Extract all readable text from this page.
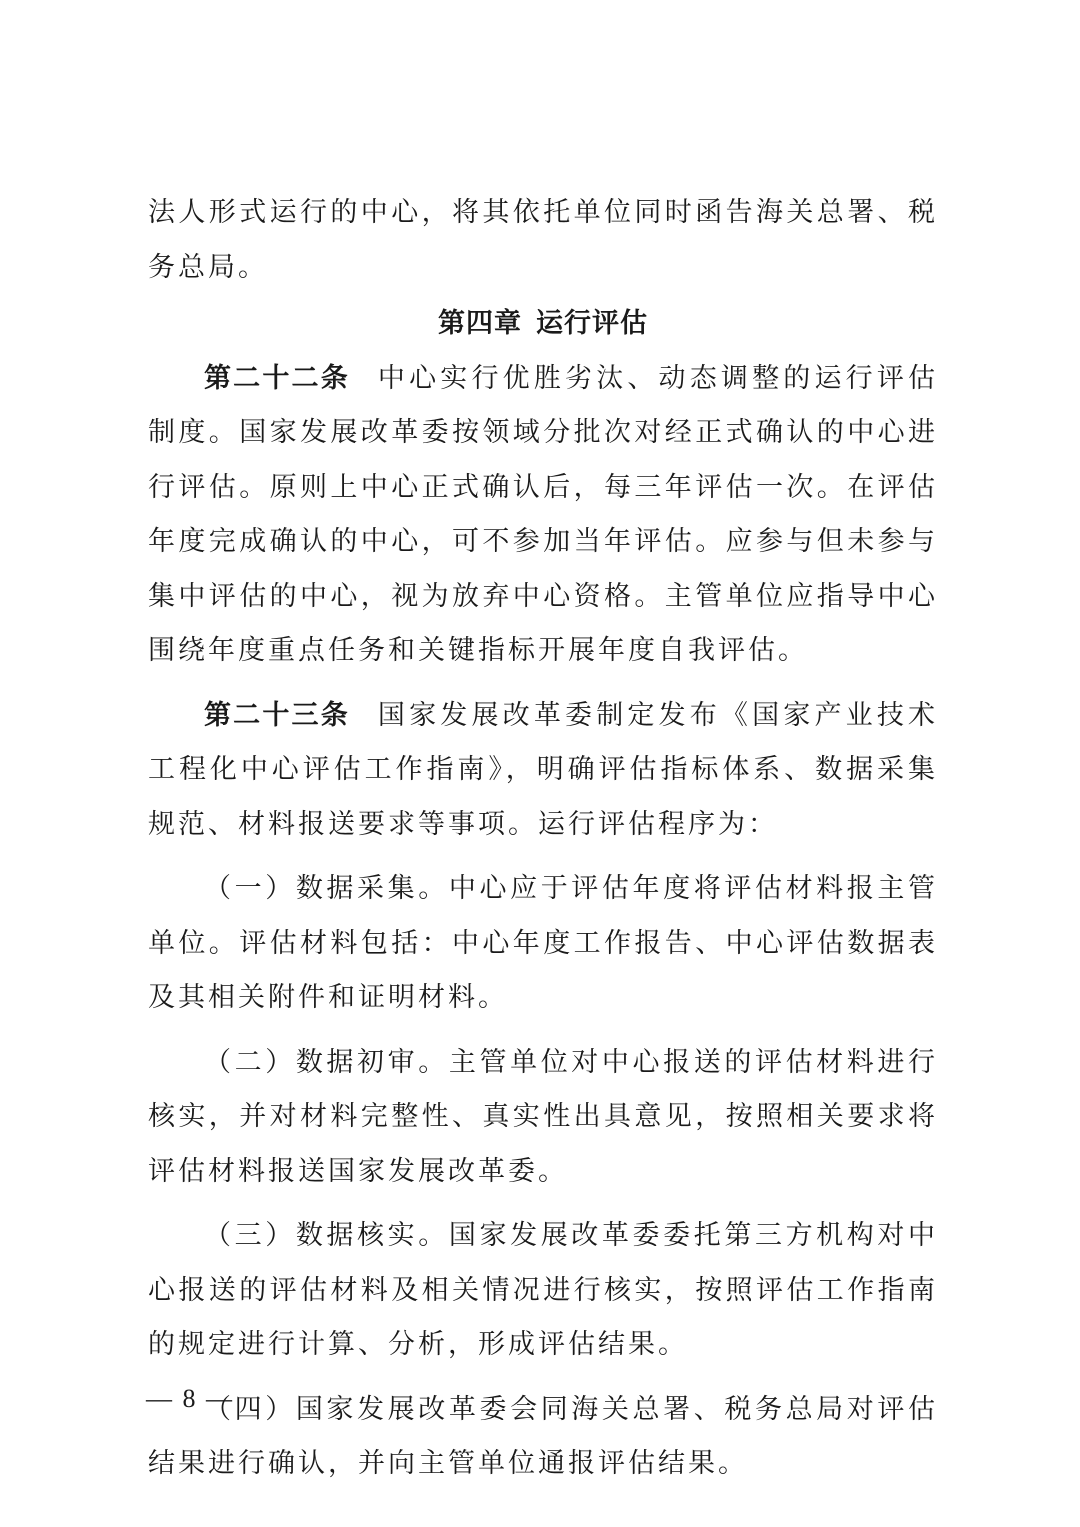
法人形式运行的中心，将其依托单位同时函告海关总署、税务总局。

第四章 运行评估

第二十二条 中心实行优胜劣汰、动态调整的运行评估制度。国家发展改革委按领域分批次对经正式确认的中心进行评估。原则上中心正式确认后，每三年评估一次。在评估年度完成确认的中心，可不参加当年评估。应参与但未参与集中评估的中心，视为放弃中心资格。主管单位应指导中心围绕年度重点任务和关键指标开展年度自我评估。

第二十三条 国家发展改革委制定发布《国家产业技术工程化中心评估工作指南》，明确评估指标体系、数据采集规范、材料报送要求等事项。运行评估程序为：

（一）数据采集。中心应于评估年度将评估材料报主管单位。评估材料包括：中心年度工作报告、中心评估数据表及其相关附件和证明材料。

（二）数据初审。主管单位对中心报送的评估材料进行核实，并对材料完整性、真实性出具意见，按照相关要求将评估材料报送国家发展改革委。

（三）数据核实。国家发展改革委委托第三方机构对中心报送的评估材料及相关情况进行核实，按照评估工作指南的规定进行计算、分析，形成评估结果。

（四）国家发展改革委会同海关总署、税务总局对评估结果进行确认，并向主管单位通报评估结果。

— 8 —
